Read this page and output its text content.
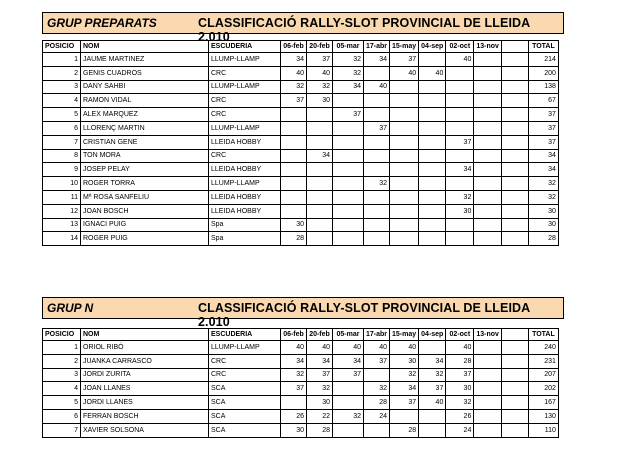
GRUP PREPARATS	CLASSIFICACIÓ RALLY-SLOT PROVINCIAL DE LLEIDA 2.010
POSICIO	NOM	ESCUDERIA	06-feb	20-feb	05-mar	17-abr	15-may	04-sep	02-oct	13-nov		TOTAL
1	JAUME MARTINEZ	LLUMP-LLAMP	34	37	32	34	37		40			214
2	GENIS CUADROS	CRC	40	40	32		40	40				200
3	DANY SAHBI	LLUMP-LLAMP	32	32	34	40						138
4	RAMON VIDAL	CRC	37	30								67
5	ALEX MARQUEZ	CRC			37							37
6	LLORENÇ MARTIN	LLUMP-LLAMP				37						37
7	CRISTIAN GENE	LLEIDA HOBBY							37			37
8	TON MORA	CRC		34								34
9	JOSEP PELAY	LLEIDA HOBBY							34			34
10	ROGER TORRA	LLUMP-LLAMP				32						32
11	Mª ROSA SANFELIU	LLEIDA HOBBY							32			32
12	JOAN BOSCH	LLEIDA HOBBY							30			30
13	IGNACI PUIG	Spa	30									30
14	ROGER PUIG	Spa	28									28
GRUP N	CLASSIFICACIÓ RALLY-SLOT PROVINCIAL DE LLEIDA 2.010
POSICIO	NOM	ESCUDERIA	06-feb	20-feb	05-mar	17-abr	15-may	04-sep	02-oct	13-nov		TOTAL
1	ORIOL RIBÓ	LLUMP-LLAMP	40	40	40	40	40		40			240
2	JUANKA CARRASCO	CRC	34	34	34	37	30	34	28			231
3	JORDI ZURITA	CRC	32	37	37		32	32	37			207
4	JOAN LLANES	SCA	37	32		32	34	37	30			202
5	JORDI LLANES	SCA		30		28	37	40	32			167
6	FERRAN BOSCH	SCA	26	22	32	24			26			130
7	XAVIER SOLSONA	SCA	30	28			28		24			110
